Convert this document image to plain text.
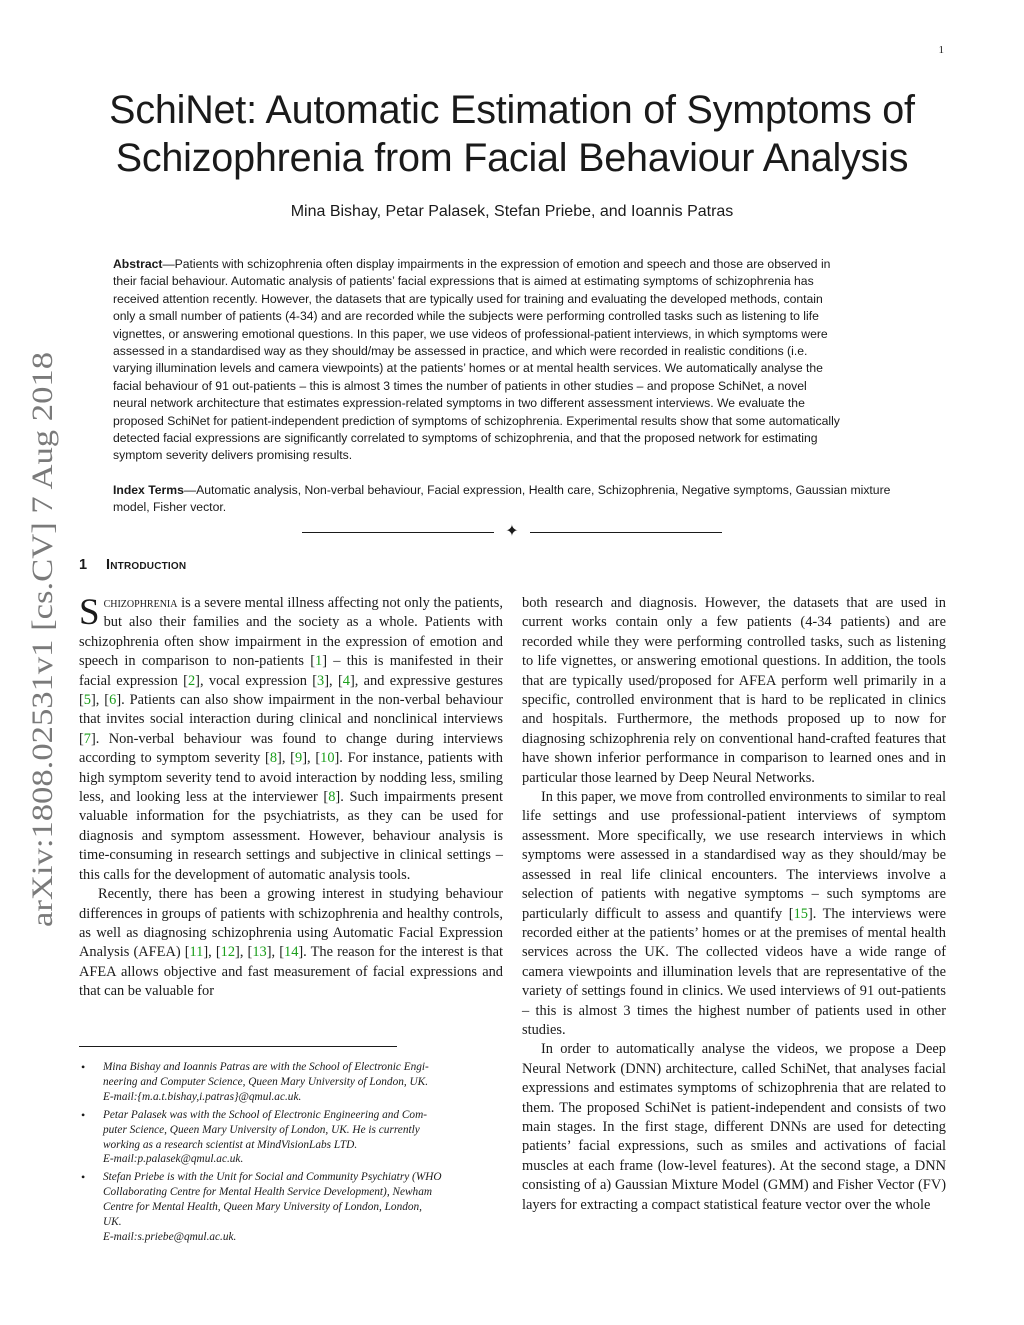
1
arXiv:1808.02531v1 [cs.CV] 7 Aug 2018
SchiNet: Automatic Estimation of Symptoms of
Schizophrenia from Facial Behaviour Analysis
Mina Bishay, Petar Palasek, Stefan Priebe, and Ioannis Patras
Abstract—Patients with schizophrenia often display impairments in the expression of emotion and speech and those are observed in
their facial behaviour. Automatic analysis of patients’ facial expressions that is aimed at estimating symptoms of schizophrenia has
received attention recently. However, the datasets that are typically used for training and evaluating the developed methods, contain
only a small number of patients (4-34) and are recorded while the subjects were performing controlled tasks such as listening to life
vignettes, or answering emotional questions. In this paper, we use videos of professional-patient interviews, in which symptoms were
assessed in a standardised way as they should/may be assessed in practice, and which were recorded in realistic conditions (i.e.
varying illumination levels and camera viewpoints) at the patients’ homes or at mental health services. We automatically analyse the
facial behaviour of 91 out-patients – this is almost 3 times the number of patients in other studies – and propose SchiNet, a novel
neural network architecture that estimates expression-related symptoms in two different assessment interviews. We evaluate the
proposed SchiNet for patient-independent prediction of symptoms of schizophrenia. Experimental results show that some automatically
detected facial expressions are significantly correlated to symptoms of schizophrenia, and that the proposed network for estimating
symptom severity delivers promising results.
Index Terms—Automatic analysis, Non-verbal behaviour, Facial expression, Health care, Schizophrenia, Negative symptoms, Gaussian mixture model, Fisher vector.
✦
1 Introduction

Schizophrenia is a severe mental illness affecting not only the patients, but also their families and the society as a whole. Patients with schizophrenia often show impairment in the expression of emotion and speech in comparison to non-patients [1] – this is manifested in their facial expression [2], vocal expression [3], [4], and expressive gestures [5], [6]. Patients can also show impairment in the non-verbal behaviour that invites social interaction during clinical and nonclinical interviews [7]. Non-verbal behaviour was found to change during interviews according to symptom severity [8], [9], [10]. For instance, patients with high symptom severity tend to avoid interaction by nodding less, smiling less, and looking less at the interviewer [8]. Such impairments present valuable information for the psychiatrists, as they can be used for diagnosis and symptom assessment. However, behaviour analysis is time-consuming in research settings and subjective in clinical settings – this calls for the development of automatic analysis tools.

Recently, there has been a growing interest in studying behaviour differences in groups of patients with schizophrenia and healthy controls, as well as diagnosing schizophrenia using Automatic Facial Expression Analysis (AFEA) [11], [12], [13], [14]. The reason for the interest is that AFEA allows objective and fast measurement of facial expressions and that can be valuable for

• Mina Bishay and Ioannis Patras are with the School of Electronic Engi-
neering and Computer Science, Queen Mary University of London, UK.
E-mail:{m.a.t.bishay,i.patras}@qmul.ac.uk.
• Petar Palasek was with the School of Electronic Engineering and Com-
puter Science, Queen Mary University of London, UK. He is currently
working as a research scientist at MindVisionLabs LTD.
E-mail:p.palasek@qmul.ac.uk.
• Stefan Priebe is with the Unit for Social and Community Psychiatry (WHO
Collaborating Centre for Mental Health Service Development), Newham
Centre for Mental Health, Queen Mary University of London, London,
UK.
E-mail:s.priebe@qmul.ac.uk.

both research and diagnosis. However, the datasets that are used in current works contain only a few patients (4-34 patients) and are recorded while they were performing controlled tasks, such as listening to life vignettes, or answering emotional questions. In addition, the tools that are typically used/proposed for AFEA perform well primarily in a specific, controlled environment that is hard to be replicated in clinics and hospitals. Furthermore, the methods proposed up to now for diagnosing schizophrenia rely on conventional hand-crafted features that have shown inferior performance in comparison to learned ones and in particular those learned by Deep Neural Networks.

In this paper, we move from controlled environments to similar to real life settings and use professional-patient interviews of symptom assessment. More specifically, we use research interviews in which symptoms were assessed in a standardised way as they should/may be assessed in real life clinical encounters. The interviews involve a selection of patients with negative symptoms – such symptoms are particularly difficult to assess and quantify [15]. The interviews were recorded either at the patients’ homes or at the premises of mental health services across the UK. The collected videos have a wide range of camera viewpoints and illumination levels that are representative of the variety of settings found in clinics. We used interviews of 91 out-patients – this is almost 3 times the highest number of patients used in other studies.

In order to automatically analyse the videos, we propose a Deep Neural Network (DNN) architecture, called SchiNet, that analyses facial expressions and estimates symptoms of schizophrenia that are related to them. The proposed SchiNet is patient-independent and consists of two main stages. In the first stage, different DNNs are used for detecting patients’ facial expressions, such as smiles and activations of facial muscles at each frame (low-level features). At the second stage, a DNN consisting of a) Gaussian Mixture Model (GMM) and Fisher Vector (FV) layers for extracting a compact statistical feature vector over the whole
